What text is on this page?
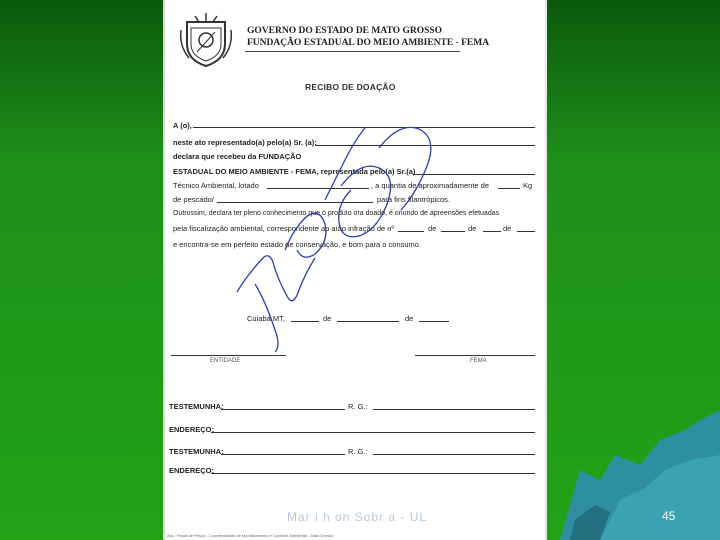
GOVERNO DO ESTADO DE MATO GROSSO
FUNDAÇÃO ESTADUAL DO MEIO AMBIENTE - FEMA
RECIBO DE DOAÇÃO
A (o),
neste ato representado(a) pelo(a) Sr. (a):
declara que recebeu da FUNDAÇÃO
ESTADUAL DO MEIO AMBIENTE - FEMA, representada pelo(a) Sr.(a)
Técnico Ambiental, lotado	, a quantia de aproximadamente de	Kg
de pescado/	para fins filantrópicos.
Outrossim, declara ter pleno conhecimento que o produto ora doado, é oriundo de apreensões efetuadas
pela fiscalização ambiental, correspondente ao auto infração de nº	de	de	de
e encontra-se em perfeito estado de conservação, e bom para o consumo.
Cuiabá MT,	de	de
ENTIDADE	FEMA
TESTEMUNHA:	R. G.:
ENDEREÇO:
TESTEMUNHA:	R. G.:
ENDEREÇO:
Mar i h on Sobr a - UL
Ass.: Fiscal de Pesca - Coordenadoria de Monitoramento e Controle Ambiental - Mato Grosso
45
